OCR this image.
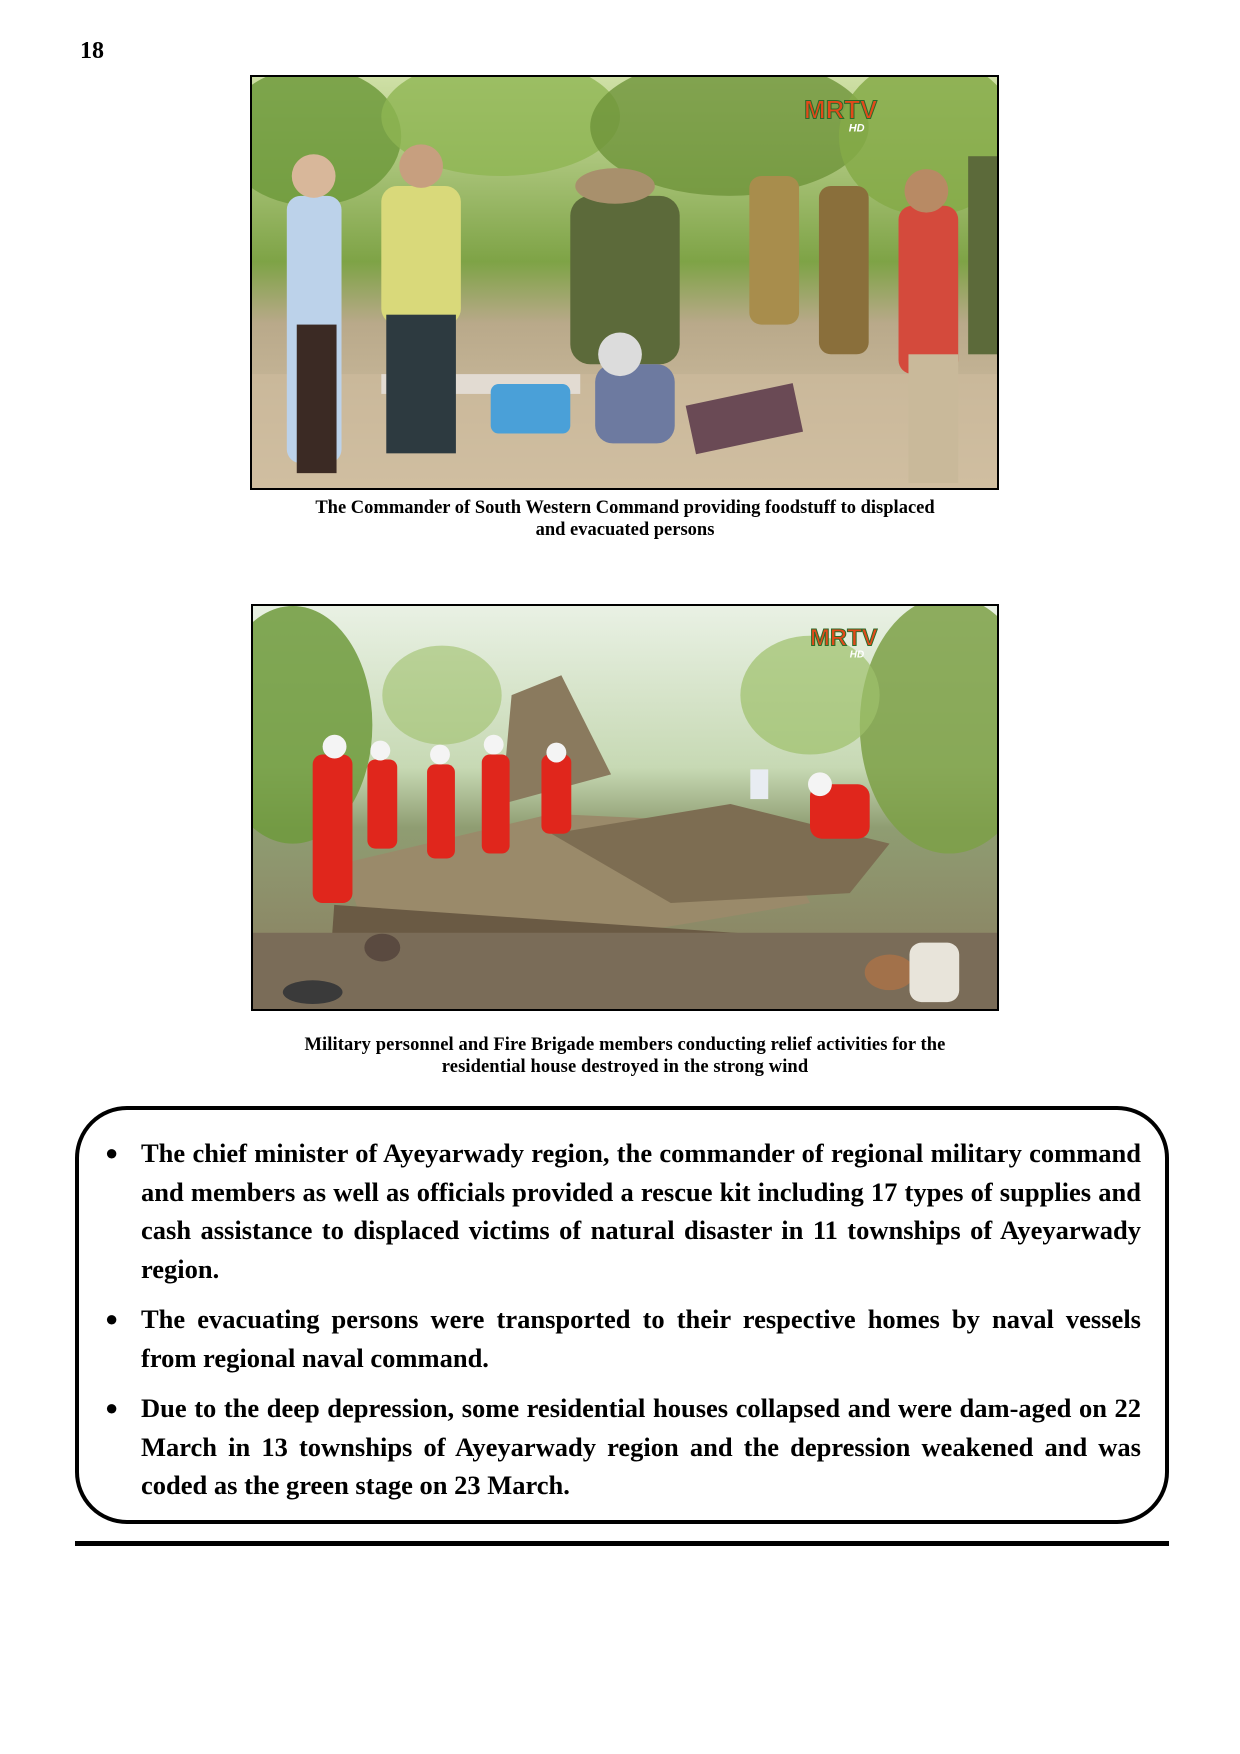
18
MRTV
HD
The Commander of South Western Command providing foodstuff to displaced
and evacuated persons
MRTV
HD
Military personnel and Fire Brigade members conducting relief activities for the
residential house destroyed in the strong wind
● The chief minister of Ayeyarwady region, the commander of regional military command and members as well as officials provided a rescue kit including 17 types of supplies and cash assistance to displaced victims of natural disaster in 11 townships of Ayeyarwady region.
● The evacuating persons were transported to their respective homes by naval vessels from regional naval command.
● Due to the deep depression, some residential houses collapsed and were dam-aged on 22 March in 13 townships of Ayeyarwady region and the depression weakened and was coded as the green stage on 23 March.
